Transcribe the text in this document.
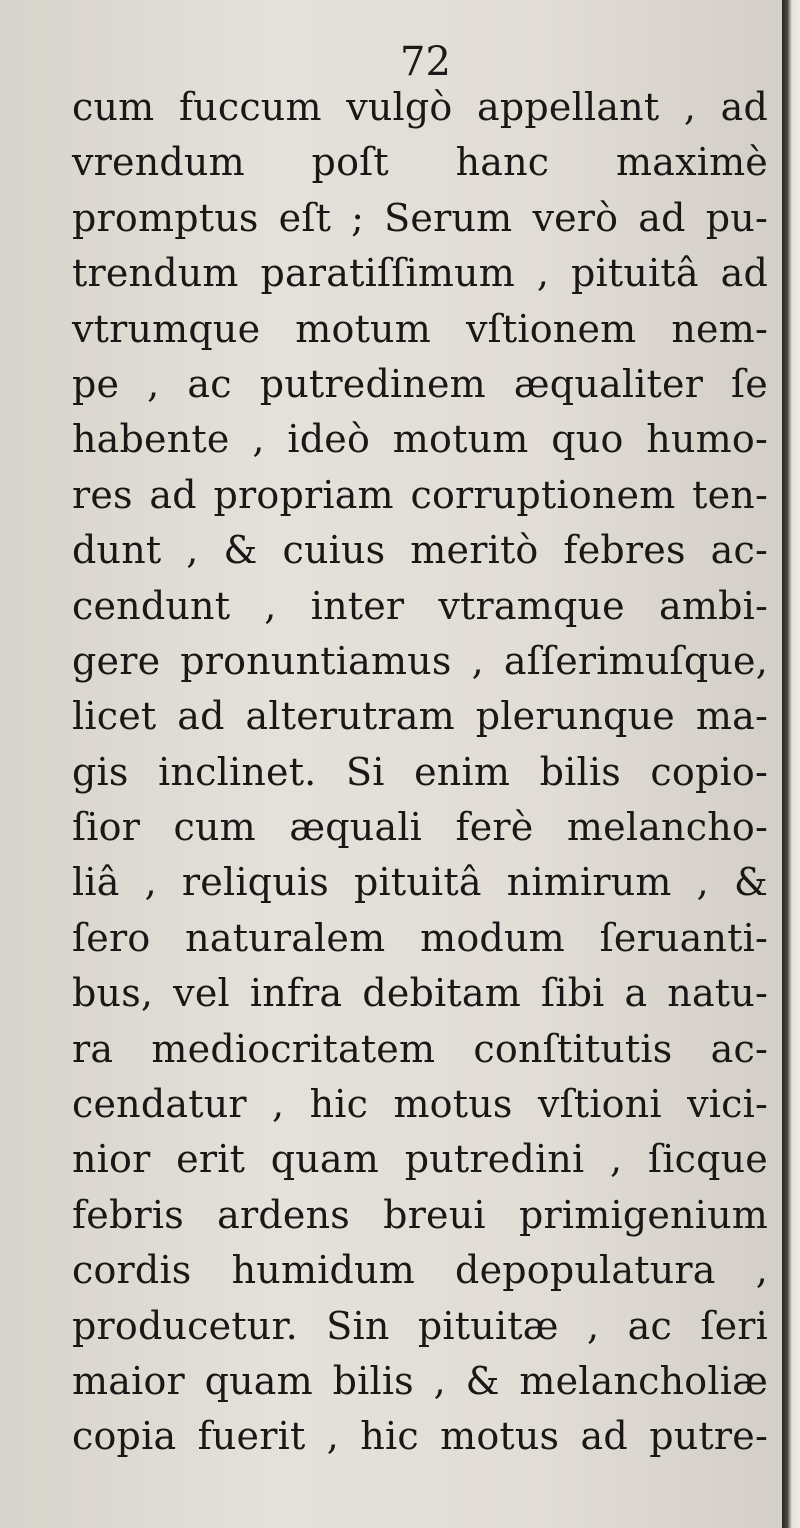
72
cum fuccum vulgò appellant , ad
vrendum poſt hanc maximè
promptus eſt ; Serum verò ad pu-
trendum paratiſſimum , pituitâ ad
vtrumque motum vſtionem nem-
pe , ac putredinem æqualiter ſe
habente , ideò motum quo humo-
res ad propriam corruptionem ten-
dunt , & cuius meritò febres ac-
cendunt , inter vtramque ambi-
gere pronuntiamus , aſſerimuſque,
licet ad alterutram plerunque ma-
gis inclinet. Si enim bilis copio-
ſior cum æquali ferè melancho-
liâ , reliquis pituitâ nimirum , &
ſero naturalem modum ſeruanti-
bus, vel infra debitam ſibi a natu-
ra mediocritatem conſtitutis ac-
cendatur , hic motus vſtioni vici-
nior erit quam putredini , ſicque
febris ardens breui primigenium
cordis humidum depopulatura ,
producetur. Sin pituitæ , ac ſeri
maior quam bilis , & melancholiæ
copia fuerit , hic motus ad putre-
